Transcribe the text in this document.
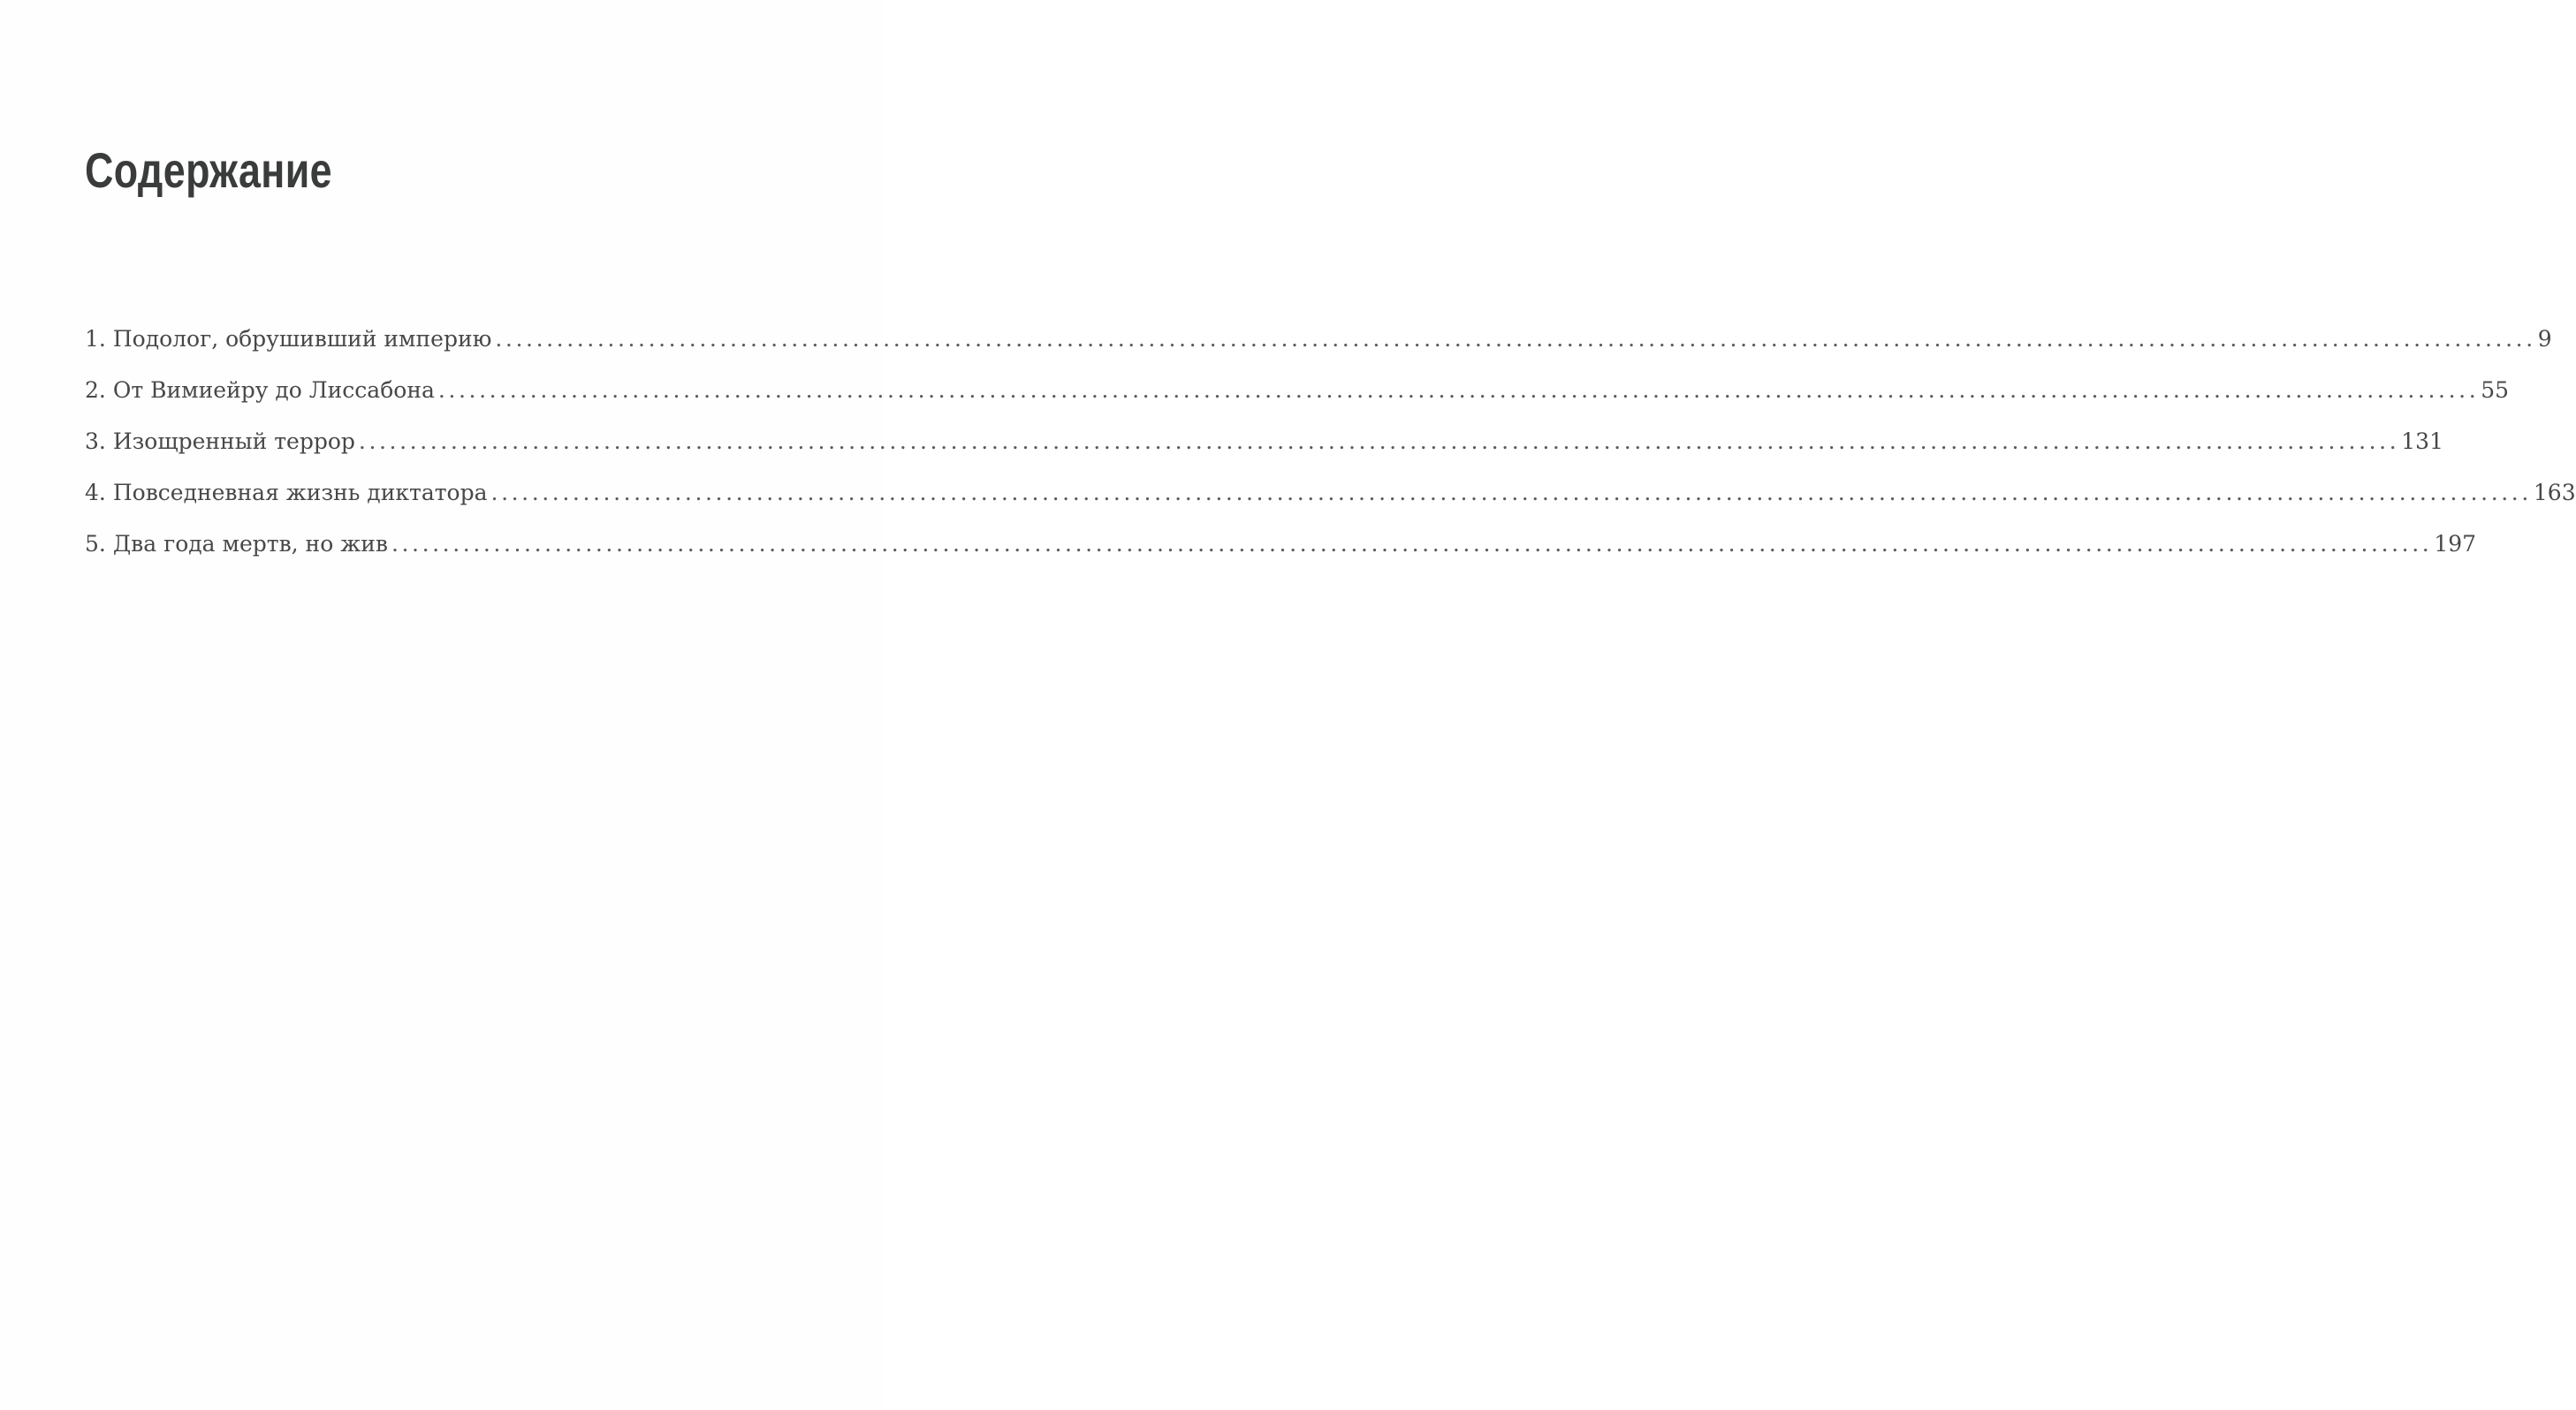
Содержание
1. Подолог, обрушивший империю ........................................................................................................................................................................................................ 9
2. От Вимиейру до Лиссабона ........................................................................................................................................................................................................ 55
3. Изощренный террор ........................................................................................................................................................................................................ 131
4. Повседневная жизнь диктатора ........................................................................................................................................................................................................ 163
5. Два года мертв, но жив ........................................................................................................................................................................................................ 197
